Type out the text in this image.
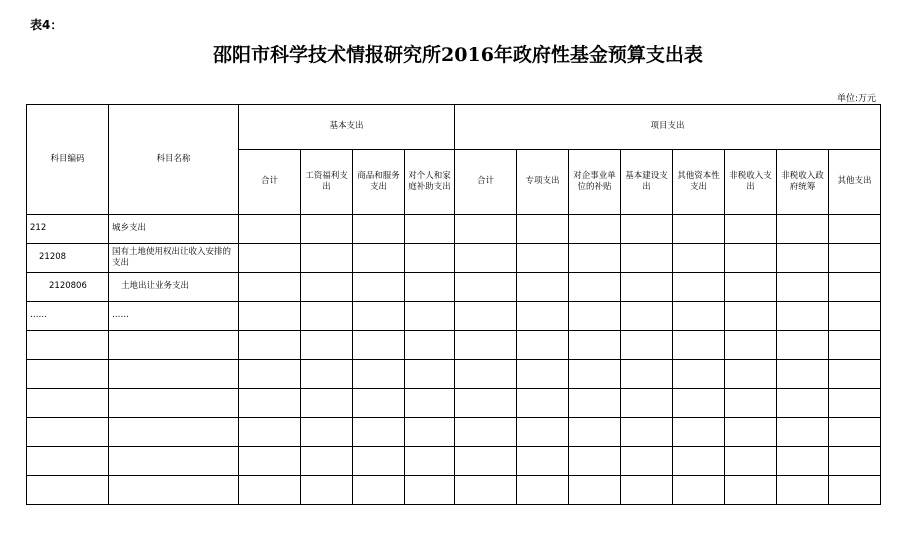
表4：
邵阳市科学技术情报研究所2016年政府性基金预算支出表
单位:万元
科目编码	科目名称	基本支出				项目支出							
		合计	工资福利支出	商品和服务支出	对个人和家庭补助支出	合计	专项支出	对企事业单位的补贴	基本建设支出	其他资本性支出	非税收入支出	非税收入政府统筹	其他支出
212	城乡支出												
21208	国有土地使用权出让收入安排的支出												
2120806	土地出让业务支出												
……	……												
